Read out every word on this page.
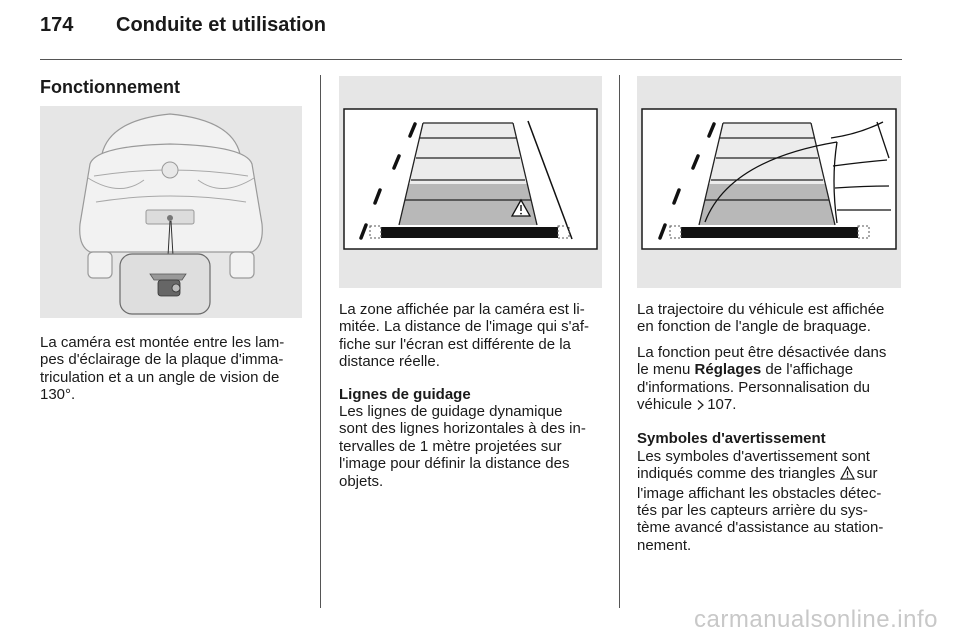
174 Conduite et utilisation
Fonctionnement

La caméra est montée entre les lam-
pes d'éclairage de la plaque d'imma-
triculation et a un angle de vision de
130°.

La zone affichée par la caméra est li-
mitée. La distance de l'image qui s'af-
fiche sur l'écran est différente de la
distance réelle.

Lignes de guidage
Les lignes de guidage dynamique
sont des lignes horizontales à des in-
tervalles de 1 mètre projetées sur
l'image pour définir la distance des
objets.

La trajectoire du véhicule est affichée
en fonction de l'angle de braquage.

La fonction peut être désactivée dans
le menu Réglages de l'affichage
d'informations. Personnalisation du
véhicule 107.

Symboles d'avertissement
Les symboles d'avertissement sont
indiqués comme des triangles sur
l'image affichant les obstacles détec-
tés par les capteurs arrière du sys-
tème avancé d'assistance au station-
nement.

carmanualsonline.info
